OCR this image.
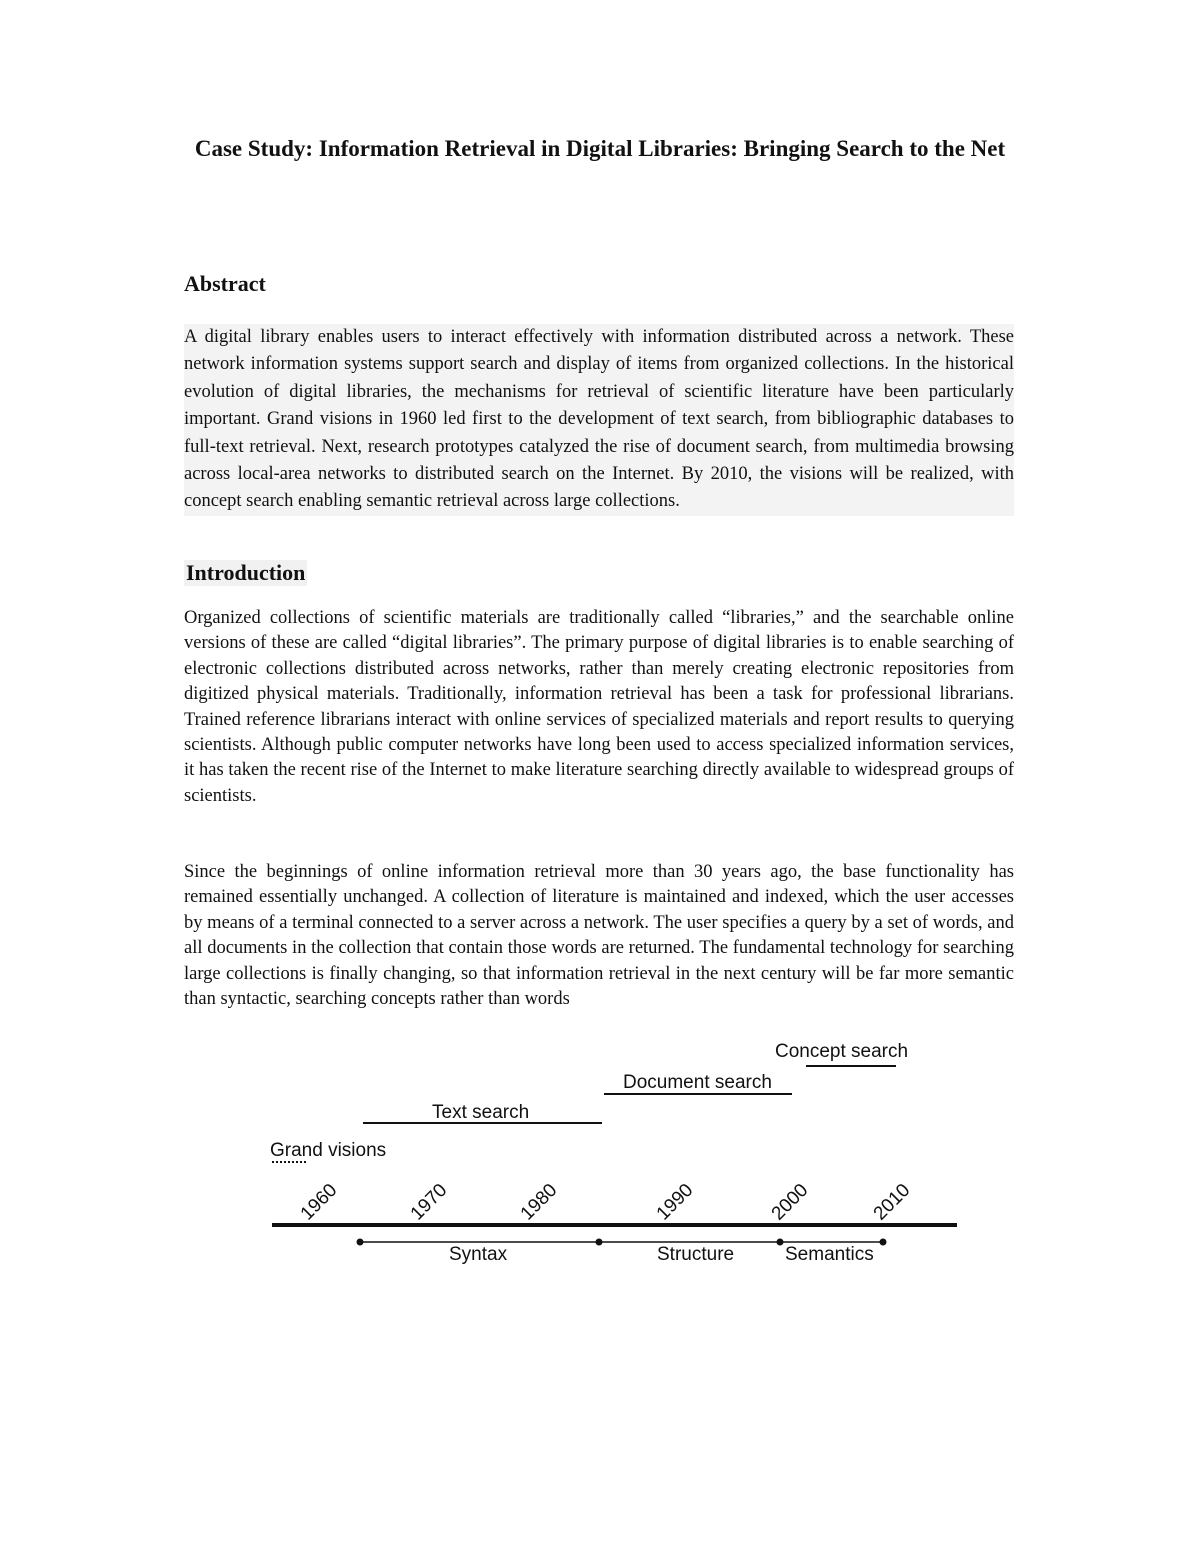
Case Study: Information Retrieval in Digital Libraries: Bringing Search to the Net
Abstract

A digital library enables users to interact effectively with information distributed across a network. These network information systems support search and display of items from organized collections. In the historical evolution of digital libraries, the mechanisms for retrieval of scientific literature have been particularly important. Grand visions in 1960 led first to the development of text search, from bibliographic databases to full-text retrieval. Next, research prototypes catalyzed the rise of document search, from multimedia browsing across local-area networks to distributed search on the Internet. By 2010, the visions will be realized, with concept search enabling semantic retrieval across large collections.

Introduction

Organized collections of scientific materials are traditionally called “libraries,” and the searchable online versions of these are called “digital libraries”. The primary purpose of digital libraries is to enable searching of electronic collections distributed across networks, rather than merely creating electronic repositories from digitized physical materials. Traditionally, information retrieval has been a task for professional librarians. Trained reference librarians interact with online services of specialized materials and report results to querying scientists. Although public computer networks have long been used to access specialized information services, it has taken the recent rise of the Internet to make literature searching directly available to widespread groups of scientists.

Since the beginnings of online information retrieval more than 30 years ago, the base functionality has remained essentially unchanged. A collection of literature is maintained and indexed, which the user accesses by means of a terminal connected to a server across a network. The user specifies a query by a set of words, and all documents in the collection that contain those words are returned. The fundamental technology for searching large collections is finally changing, so that information retrieval in the next century will be far more semantic than syntactic, searching concepts rather than words

Concept search
Document search
Text search
Grand visions
1960	1970	1980	1990	2000	2010
Syntax	Structure	Semantics
